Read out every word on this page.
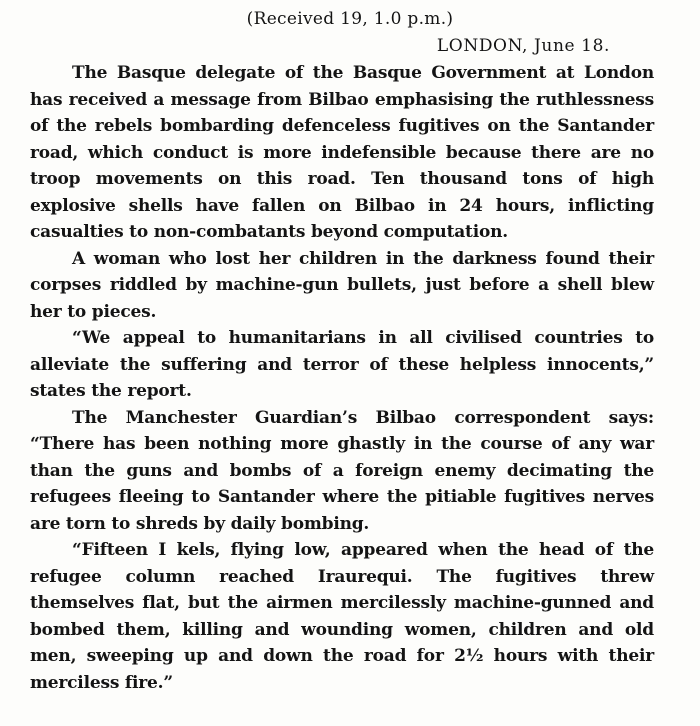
(Received 19, 1.0 p.m.)
LONDON, June 18.

The Basque delegate of the Basque Government at London has received a message from Bilbao emphasising the ruthlessness of the rebels bombarding defenceless fugitives on the Santander road, which conduct is more indefensible because there are no troop movements on this road. Ten thousand tons of high explosive shells have fallen on Bilbao in 24 hours, inflicting casualties to non-combatants beyond computation.

A woman who lost her children in the darkness found their corpses riddled by machine-gun bullets, just before a shell blew her to pieces.

“We appeal to humanitarians in all civilised countries to alleviate the suffering and terror of these helpless innocents,” states the report.

The Manchester Guardian’s Bilbao correspondent says: “There has been nothing more ghastly in the course of any war than the guns and bombs of a foreign enemy decimating the refugees fleeing to Santander where the pitiable fugitives nerves are torn to shreds by daily bombing.

“Fifteen I kels, flying low, appeared when the head of the refugee column reached Iraurequi. The fugitives threw themselves flat, but the airmen mercilessly machine-gunned and bombed them, killing and wounding women, children and old men, sweeping up and down the road for 2½ hours with their merciless fire.”
